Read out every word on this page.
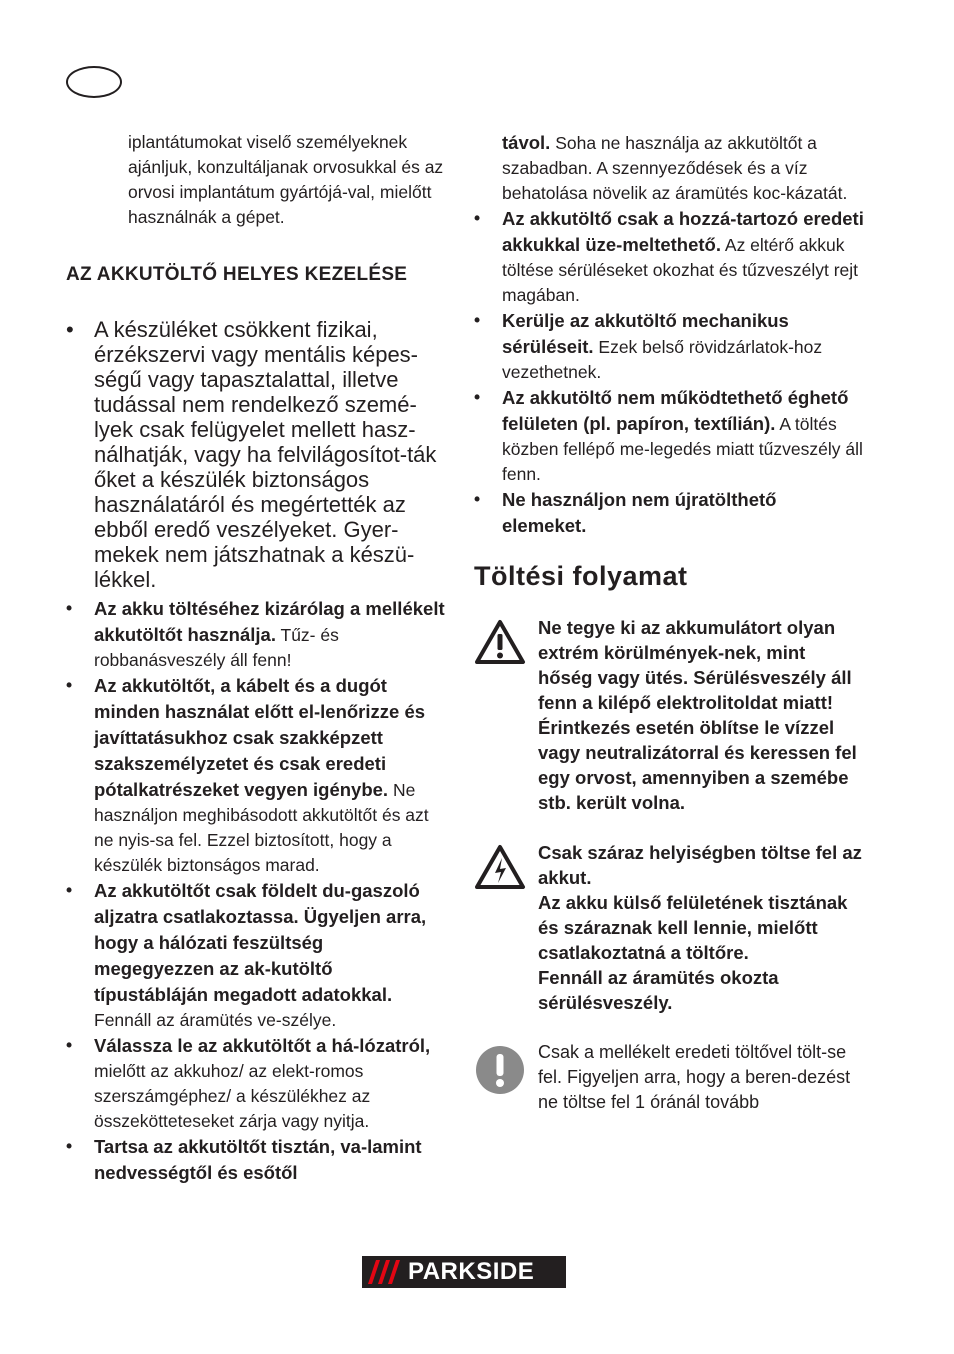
iplantátumokat viselő személyeknek ajánljuk, konzultáljanak orvosukkal és az orvosi implantátum gyártójá-val, mielőtt használnák a gépet.
AZ AKKUTÖLTŐ HELYES KEZELÉSE
• A készüléket csökkent fizikai, érzékszervi vagy mentális képes-ségű vagy tapasztalattal, illetve tudással nem rendelkező szemé-lyek csak felügyelet mellett hasz-nálhatják, vagy ha felvilágosítot-ták őket a készülék biztonságos használatáról és megértették az ebből eredő veszélyeket. Gyer-mekek nem játszhatnak a készü-lékkel.
• Az akku töltéséhez kizárólag a mellékelt akkutöltőt használja. Tűz- és robbanásveszély áll fenn!
• Az akkutöltőt, a kábelt és a dugót minden használat előtt el-lenőrizze és javíttatásukhoz csak szakképzett szakszemélyzetet és csak eredeti pótalkatrészeket vegyen igénybe. Ne használjon meghibásodott akkutöltőt és azt ne nyis-sa fel. Ezzel biztosított, hogy a készülék biztonságos marad.
• Az akkutöltőt csak földelt du-gaszoló aljzatra csatlakoztassa. Ügyeljen arra, hogy a hálózati feszültség megegyezzen az ak-kutöltő típustábláján megadott adatokkal. Fennáll az áramütés ve-szélye.
• Válassza le az akkutöltőt a há-lózatról, mielőtt az akkuhoz/ az elekt-romos szerszámgéphez/ a készülékhez az összekötteteseket zárja vagy nyitja.
• Tartsa az akkutöltőt tisztán, va-lamint nedvességtől és esőtől
távol. Soha ne használja az akkutöltőt a szabadban. A szennyeződések és a víz behatolása növelik az áramütés koc-kázatát.
• Az akkutöltő csak a hozzá-tartozó eredeti akkukkal üze-meltethető. Az eltérő akkuk töltése sérüléseket okozhat és tűzveszélyt rejt magában.
• Kerülje az akkutöltő mechanikus sérüléseit. Ezek belső rövidzárlatok-hoz vezethetnek.
• Az akkutöltő nem működtethető éghető felületen (pl. papíron, textílián). A töltés közben fellépő me-legedés miatt tűzveszély áll fenn.
• Ne használjon nem újratölthető elemeket.
Töltési folyamat
Ne tegye ki az akkumulátort olyan extrém körülmények-nek, mint hőség vagy ütés. Sérülésveszély áll fenn a kilépő elektrolitoldat miatt! Érintkezés esetén öblítse le vízzel vagy neutralizátorral és keressen fel egy orvost, amennyiben a szemébe stb. került volna.
Csak száraz helyiségben töltse fel az akkut.
Az akku külső felületének tisztának és száraznak kell lennie, mielőtt csatlakoztatná a töltőre.
Fennáll az áramütés okozta sérülésveszély.
Csak a mellékelt eredeti töltővel tölt-se fel. Figyeljen arra, hogy a beren-dezést ne töltse fel 1 óránál tovább
PARKSIDE
